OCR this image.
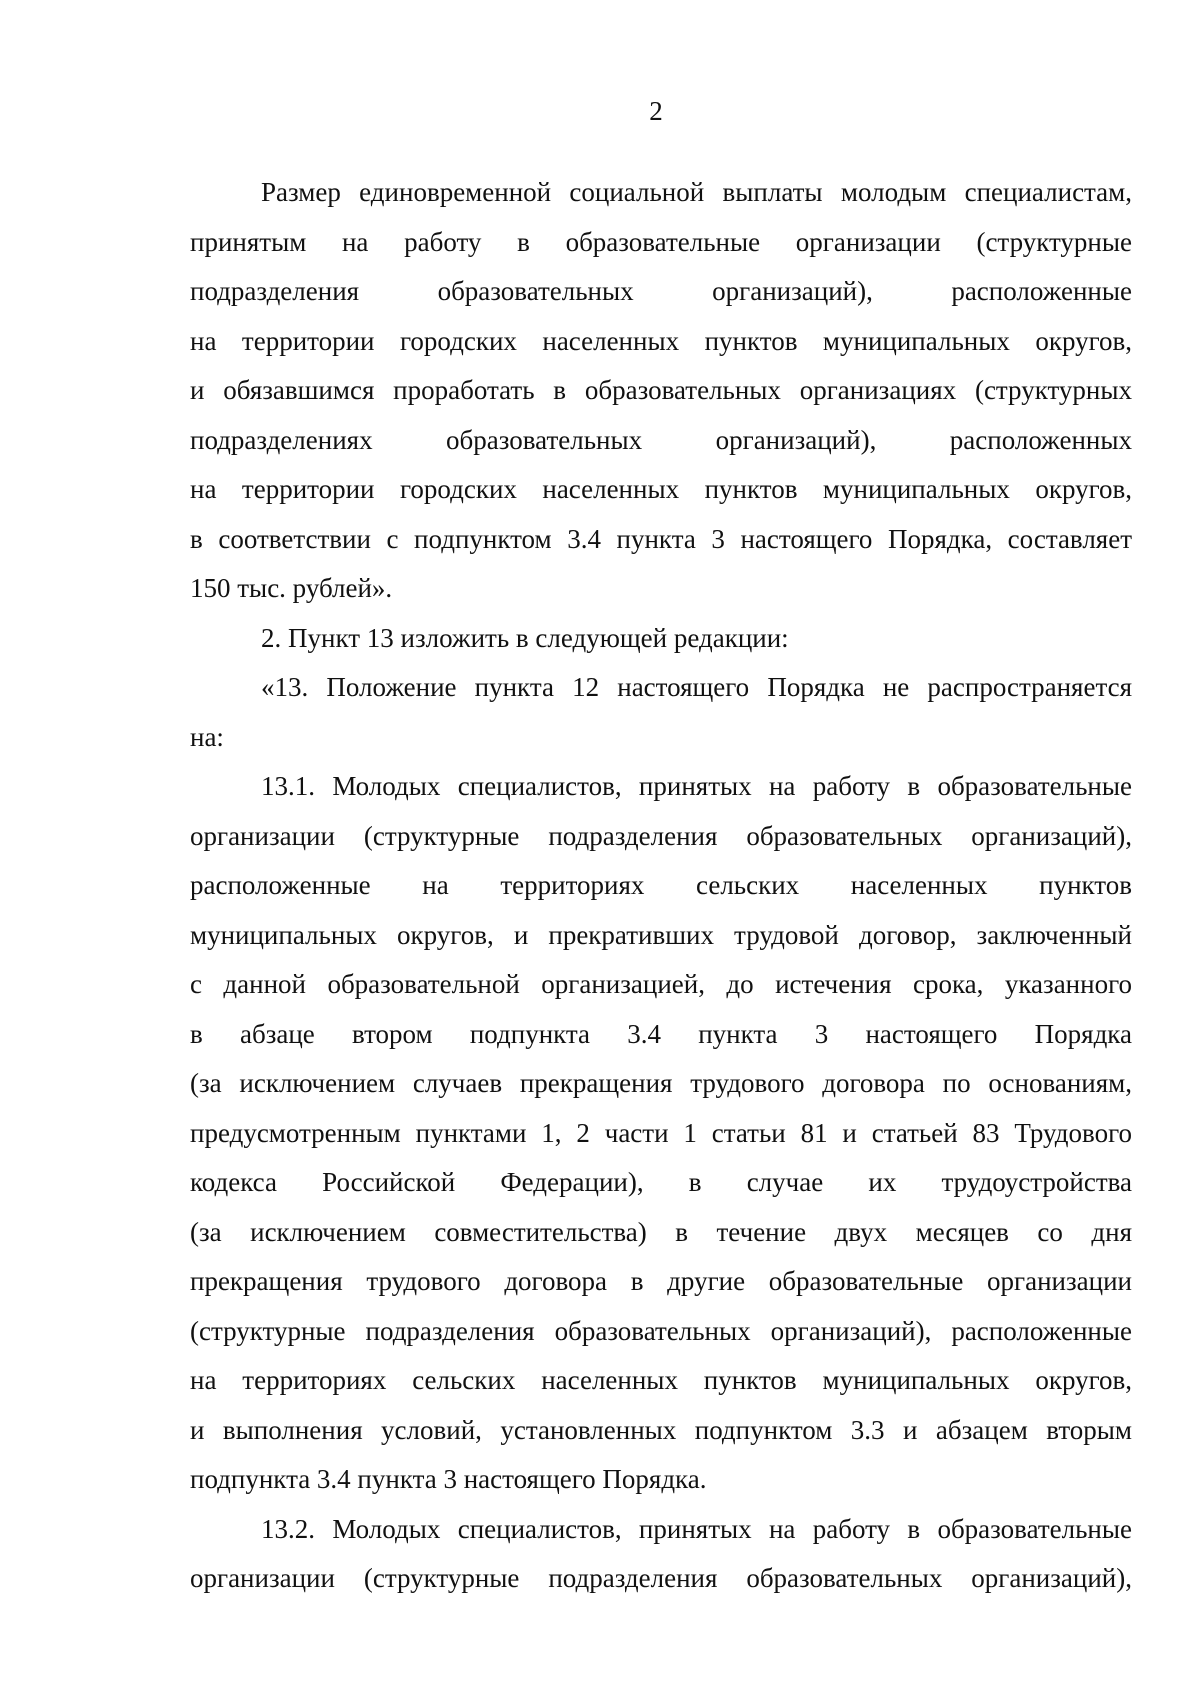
2
Размер единовременной социальной выплаты молодым специалистам,
принятым на работу в образовательные организации (структурные
подразделения образовательных организаций), расположенные
на территории городских населенных пунктов муниципальных округов,
и обязавшимся проработать в образовательных организациях (структурных
подразделениях образовательных организаций), расположенных
на территории городских населенных пунктов муниципальных округов,
в соответствии с подпунктом 3.4 пункта 3 настоящего Порядка, составляет
150 тыс. рублей».
2. Пункт 13 изложить в следующей редакции:
«13. Положение пункта 12 настоящего Порядка не распространяется
на:
13.1. Молодых специалистов, принятых на работу в образовательные
организации (структурные подразделения образовательных организаций),
расположенные на территориях сельских населенных пунктов
муниципальных округов, и прекративших трудовой договор, заключенный
с данной образовательной организацией, до истечения срока, указанного
в абзаце втором подпункта 3.4 пункта 3 настоящего Порядка
(за исключением случаев прекращения трудового договора по основаниям,
предусмотренным пунктами 1, 2 части 1 статьи 81 и статьей 83 Трудового
кодекса Российской Федерации), в случае их трудоустройства
(за исключением совместительства) в течение двух месяцев со дня
прекращения трудового договора в другие образовательные организации
(структурные подразделения образовательных организаций), расположенные
на территориях сельских населенных пунктов муниципальных округов,
и выполнения условий, установленных подпунктом 3.3 и абзацем вторым
подпункта 3.4 пункта 3 настоящего Порядка.
13.2. Молодых специалистов, принятых на работу в образовательные
организации (структурные подразделения образовательных организаций),
